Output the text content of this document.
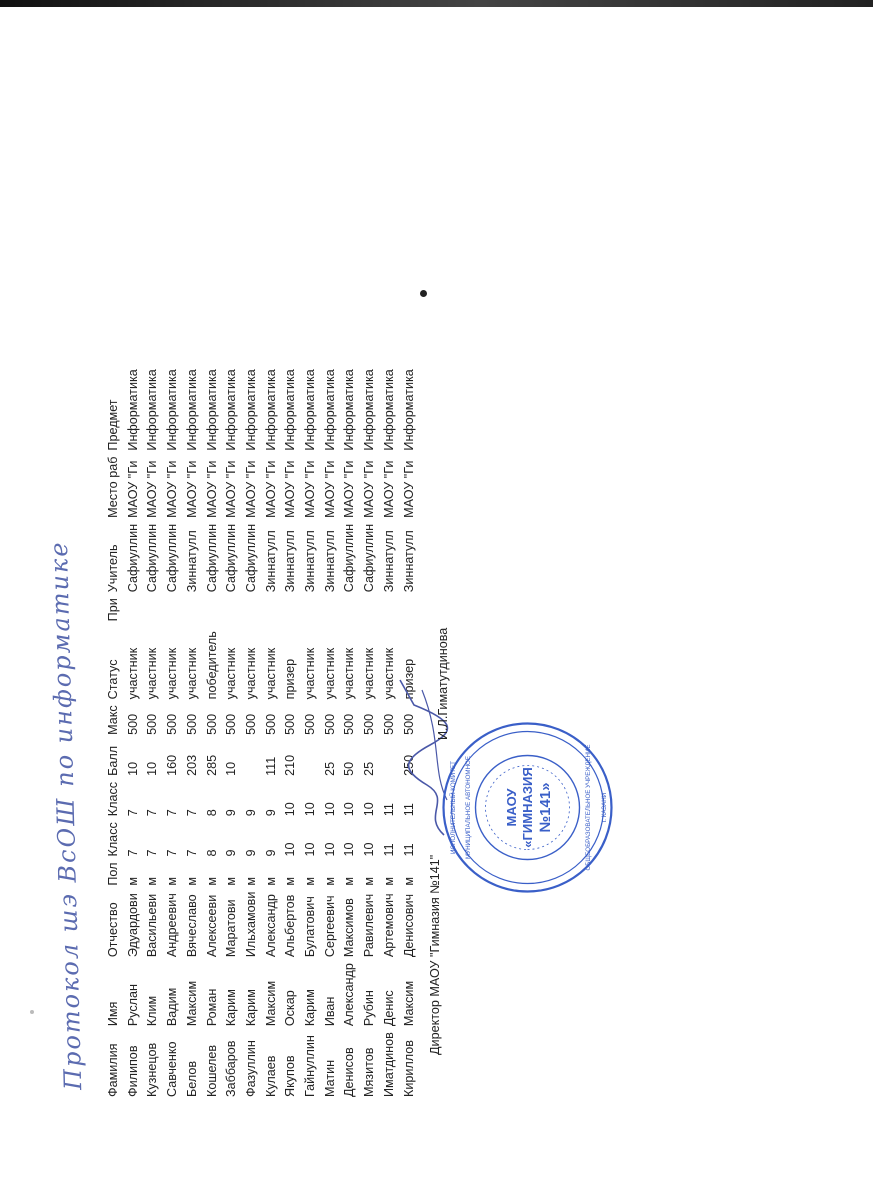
Протокол шэ ВсОШ по информатике Фамилия	Имя	Отчество	Пол	Класс	Класс	Балл	Макс	Статус	При	Учитель	Место раб	Предмет
Филипов	Руслан	Эдуардови	м	7	7	10	500	участник		Сафиуллин	МАОУ "Ги	Информатика
Кузнецов	Клим	Васильеви	м	7	7	10	500	участник		Сафиуллин	МАОУ "Ги	Информатика
Савченко	Вадим	Андреевич	м	7	7	160	500	участник		Сафиуллин	МАОУ "Ги	Информатика
Белов	Максим	Вячеславо	м	7	7	203	500	участник		Зиннатулл	МАОУ "Ги	Информатика
Кошелев	Роман	Алексееви	м	8	8	285	500	победитель		Сафиуллин	МАОУ "Ги	Информатика
Заббаров	Карим	Маратови	м	9	9	10	500	участник		Сафиуллин	МАОУ "Ги	Информатика
Фазуллин	Карим	Ильхамови	м	9	9		500	участник		Сафиуллин	МАОУ "Ги	Информатика
Кулаев	Максим	Александр	м	9	9	111	500	участник		Зиннатулл	МАОУ "Ги	Информатика
Якупов	Оскар	Альбертов	м	10	10	210	500	призер		Зиннатулл	МАОУ "Ги	Информатика
Гайнуллин	Карим	Булатович	м	10	10		500	участник		Зиннатулл	МАОУ "Ги	Информатика
Матин	Иван	Сергеевич	м	10	10	25	500	участник		Зиннатулл	МАОУ "Ги	Информатика
Денисов	Александр	Максимов	м	10	10	50	500	участник		Сафиуллин	МАОУ "Ги	Информатика
Мязитов	Рубин	Равилевич	м	10	10	25	500	участник		Сафиуллин	МАОУ "Ги	Информатика
Иматдинов	Денис	Артемович	м	11	11		500	участник		Зиннатулл	МАОУ "Ги	Информатика
Кириллов	Максим	Денисович	м	11	11	250	500	призер		Зиннатулл	МАОУ "Ги	Информатика
Директор МАОУ "Гимназия №141"
И.Л.Гиматутдинова
МАОУ «ГИМНАЗИЯ №141»
ИСПОЛНИТЕЛЬНЫЙ КОМИТЕТ	г. КАЗАНИ
МУНИЦИПАЛЬНОЕ АВТОНОМНОЕ	ОБЩЕОБРАЗОВАТЕЛЬНОЕ УЧРЕЖДЕНИЕ
